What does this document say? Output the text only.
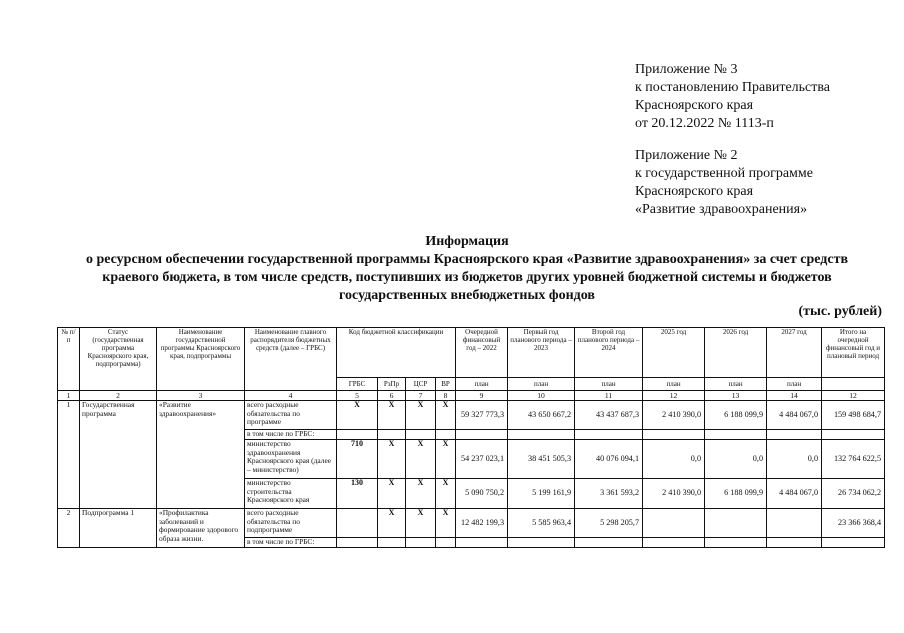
Приложение № 3
к постановлению Правительства
Красноярского края
от 20.12.2022 № 1113-п
Приложение № 2
к государственной программе
Красноярского края
«Развитие здравоохранения»
Информация
о ресурсном обеспечении государственной программы Красноярского края «Развитие здравоохранения» за счет средств
краевого бюджета, в том числе средств, поступивших из бюджетов других уровней бюджетной системы и бюджетов
государственных внебюджетных фондов
(тыс. рублей)
№ п/п	Статус (государственная программа Красноярского края, подпрограмма)	Наименование государственной программы Красноярского края, подпрограммы	Наименование главного распорядителя бюджетных средств (далее – ГРБС)	Код бюджетной классификации				Очередной финансовый год – 2022	Первый год планового периода – 2023	Второй год планового периода – 2024	2025 год	2026 год	2027 год	Итого на очередной финансовый год и плановый период
				ГРБС	РзПр	ЦСР	ВР	план	план	план	план	план	план	
1	2	3	4	5	6	7	8	9	10	11	12	13	14	12
1	Государственная программа	«Развитие здравоохранения»	всего расходные обязательства по программе	X	X	X	X	59 327 773,3	43 650 667,2	43 437 687,3	2 410 390,0	6 188 099,9	4 484 067,0	159 498 684,7
			в том числе по ГРБС:											
			министерство здравоохранения Красноярского края (далее – министерство)	710	X	X	X	54 237 023,1	38 451 505,3	40 076 094,1	0,0	0,0	0,0	132 764 622,5
			министерство строительства Красноярского края	130	X	X	X	5 090 750,2	5 199 161,9	3 361 593,2	2 410 390,0	6 188 099,9	4 484 067,0	26 734 062,2
2	Подпрограмма 1	«Профилактика заболеваний и формирование здорового образа жизни.	всего расходные обязательства по подпрограмме		X	X	X	12 482 199,3	5 585 963,4	5 298 205,7				23 366 368,4
			в том числе по ГРБС:											
